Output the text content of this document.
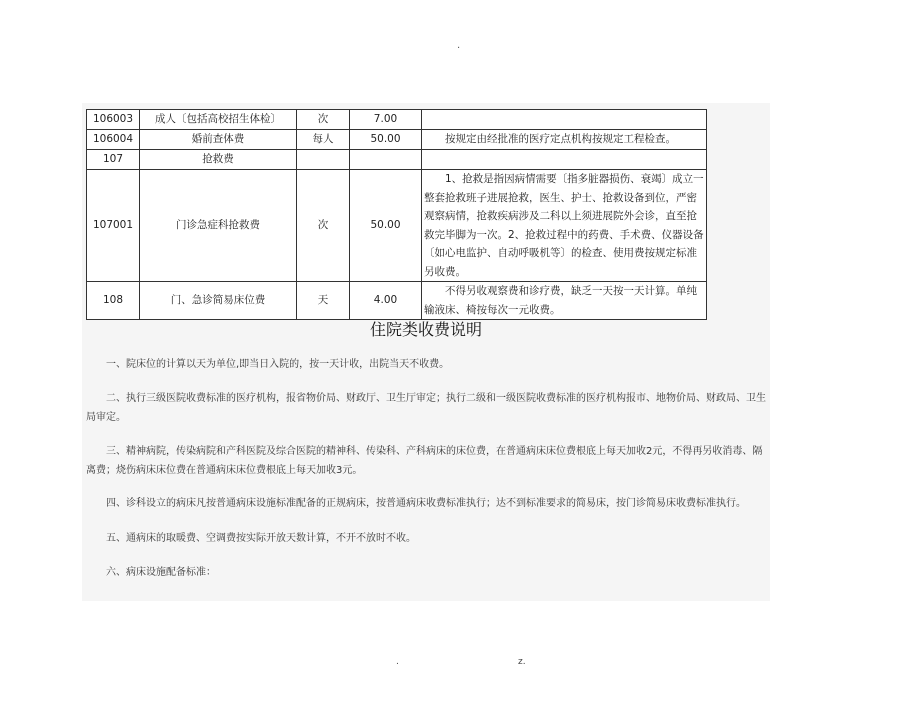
.
106003	成人〔包括高校招生体检〕	次	7.00	
106004	婚前查体费	每人	50.00	按规定由经批准的医疗定点机构按规定工程检查。
107	抢救费			
107001	门诊急症科抢救费	次	50.00	1、抢救是指因病情需要〔指多脏器损伤、衰竭〕成立一整套抢救班子进展抢救，医生、护士、抢救设备到位，严密观察病情，抢救疾病涉及二科以上须进展院外会诊，直至抢救完毕脚为一次。2、抢救过程中的药费、手术费、仪器设备〔如心电监护、自动呼吸机等〕的检查、使用费按规定标准另收费。
108	门、急诊简易床位费	天	4.00	不得另收观察费和诊疗费，缺乏一天按一天计算。单纯输液床、椅按每次一元收费。
住院类收费说明

一、院床位的计算以天为单位,即当日入院的，按一天计收，出院当天不收费。

二、执行三级医院收费标准的医疗机构，报省物价局、财政厅、卫生厅审定；执行二级和一级医院收费标准的医疗机构报市、地物价局、财政局、卫生局审定。

三、精神病院，传染病院和产科医院及综合医院的精神科、传染科、产科病床的床位费，在普通病床床位费根底上每天加收2元，不得再另收消毒、隔离费；烧伤病床床位费在普通病床床位费根底上每天加收3元。

四、诊科设立的病床凡按普通病床设施标准配备的正规病床，按普通病床收费标准执行；达不到标准要求的简易床，按门诊简易床收费标准执行。

五、通病床的取暖费、空调费按实际开放天数计算，不开不放时不收。

六、病床设施配备标准：

.	z.
